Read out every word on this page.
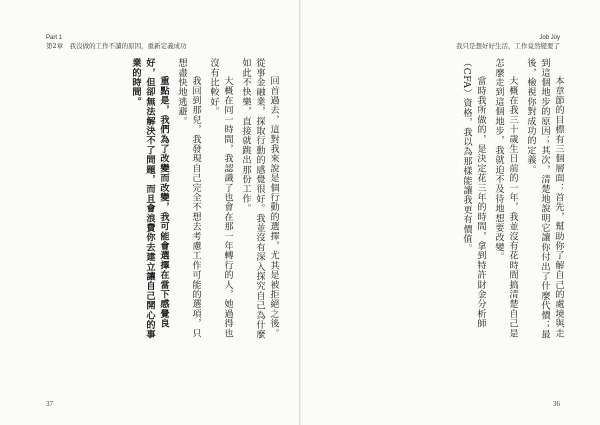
Part 1
第2章　我沒做的工作不讀的原因，重新定義成功

回首過去，這對我來說是個行動的選擇，尤其是被拒絕之後。從事金融業，探取行動的感覺很好。我並沒有深入探究自己為什麼如此不快樂，直接就跳出那份工作。

大概在同一時間，我認識了也會在那一年轉行的人，她過得也沒有比較好。

我回到那兒，我發現自己完全不想去考慮工作可能的選項，只想盡快地逃避。

重點是，我們為了改變而改變，我可能會選擇在當下感覺良好，但卻無法解決不了問題，而且會浪費你去建立讓自己開心的事業的時間。

37
Job Joy
我只是想好好生活，工作竟然變要了

本章節的目標有三個層面：首先，幫助你了解自己的處境與走到這個地步的原因；其次，清楚地說明它讓你付出了什麼代價；最後，檢視你對成功的定義。

大概在我三十歲生日前的一年，我並沒有花時間搞清楚自己是怎麼走到這個地步，我就迫不及待地想要改變。

當時我所做的，是決定花三年的時間，拿到特許財金分析師（CFA）資格，我以為那樣能讓我更有價值。

36
